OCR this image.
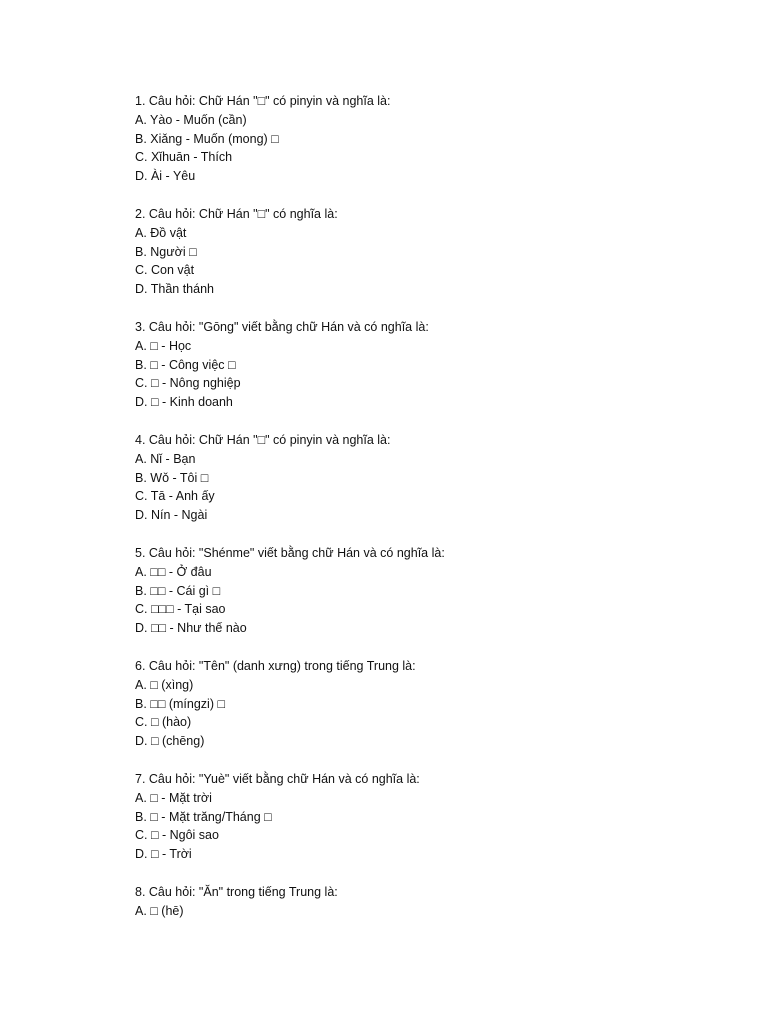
1. Câu hỏi: Chữ Hán "□" có pinyin và nghĩa là:
A. Yào - Muốn (cần)
B. Xiǎng - Muốn (mong) □
C. Xǐhuān - Thích
D. Ài - Yêu
2. Câu hỏi: Chữ Hán "□" có nghĩa là:
A. Đồ vật
B. Người □
C. Con vật
D. Thần thánh
3. Câu hỏi: "Gōng" viết bằng chữ Hán và có nghĩa là:
A. □ - Học
B. □ - Công việc □
C. □ - Nông nghiệp
D. □ - Kinh doanh
4. Câu hỏi: Chữ Hán "□" có pinyin và nghĩa là:
A. Nǐ - Bạn
B. Wǒ - Tôi □
C. Tā - Anh ấy
D. Nín - Ngài
5. Câu hỏi: "Shénme" viết bằng chữ Hán và có nghĩa là:
A. □□ - Ở đâu
B. □□ - Cái gì □
C. □□□ - Tại sao
D. □□ - Như thế nào
6. Câu hỏi: "Tên" (danh xưng) trong tiếng Trung là:
A. □ (xìng)
B. □□ (míngzi) □
C. □ (hào)
D. □ (chēng)
7. Câu hỏi: "Yuè" viết bằng chữ Hán và có nghĩa là:
A. □ - Mặt trời
B. □ - Mặt trăng/Tháng □
C. □ - Ngôi sao
D. □ - Trời
8. Câu hỏi: "Ăn" trong tiếng Trung là:
A. □ (hē)
